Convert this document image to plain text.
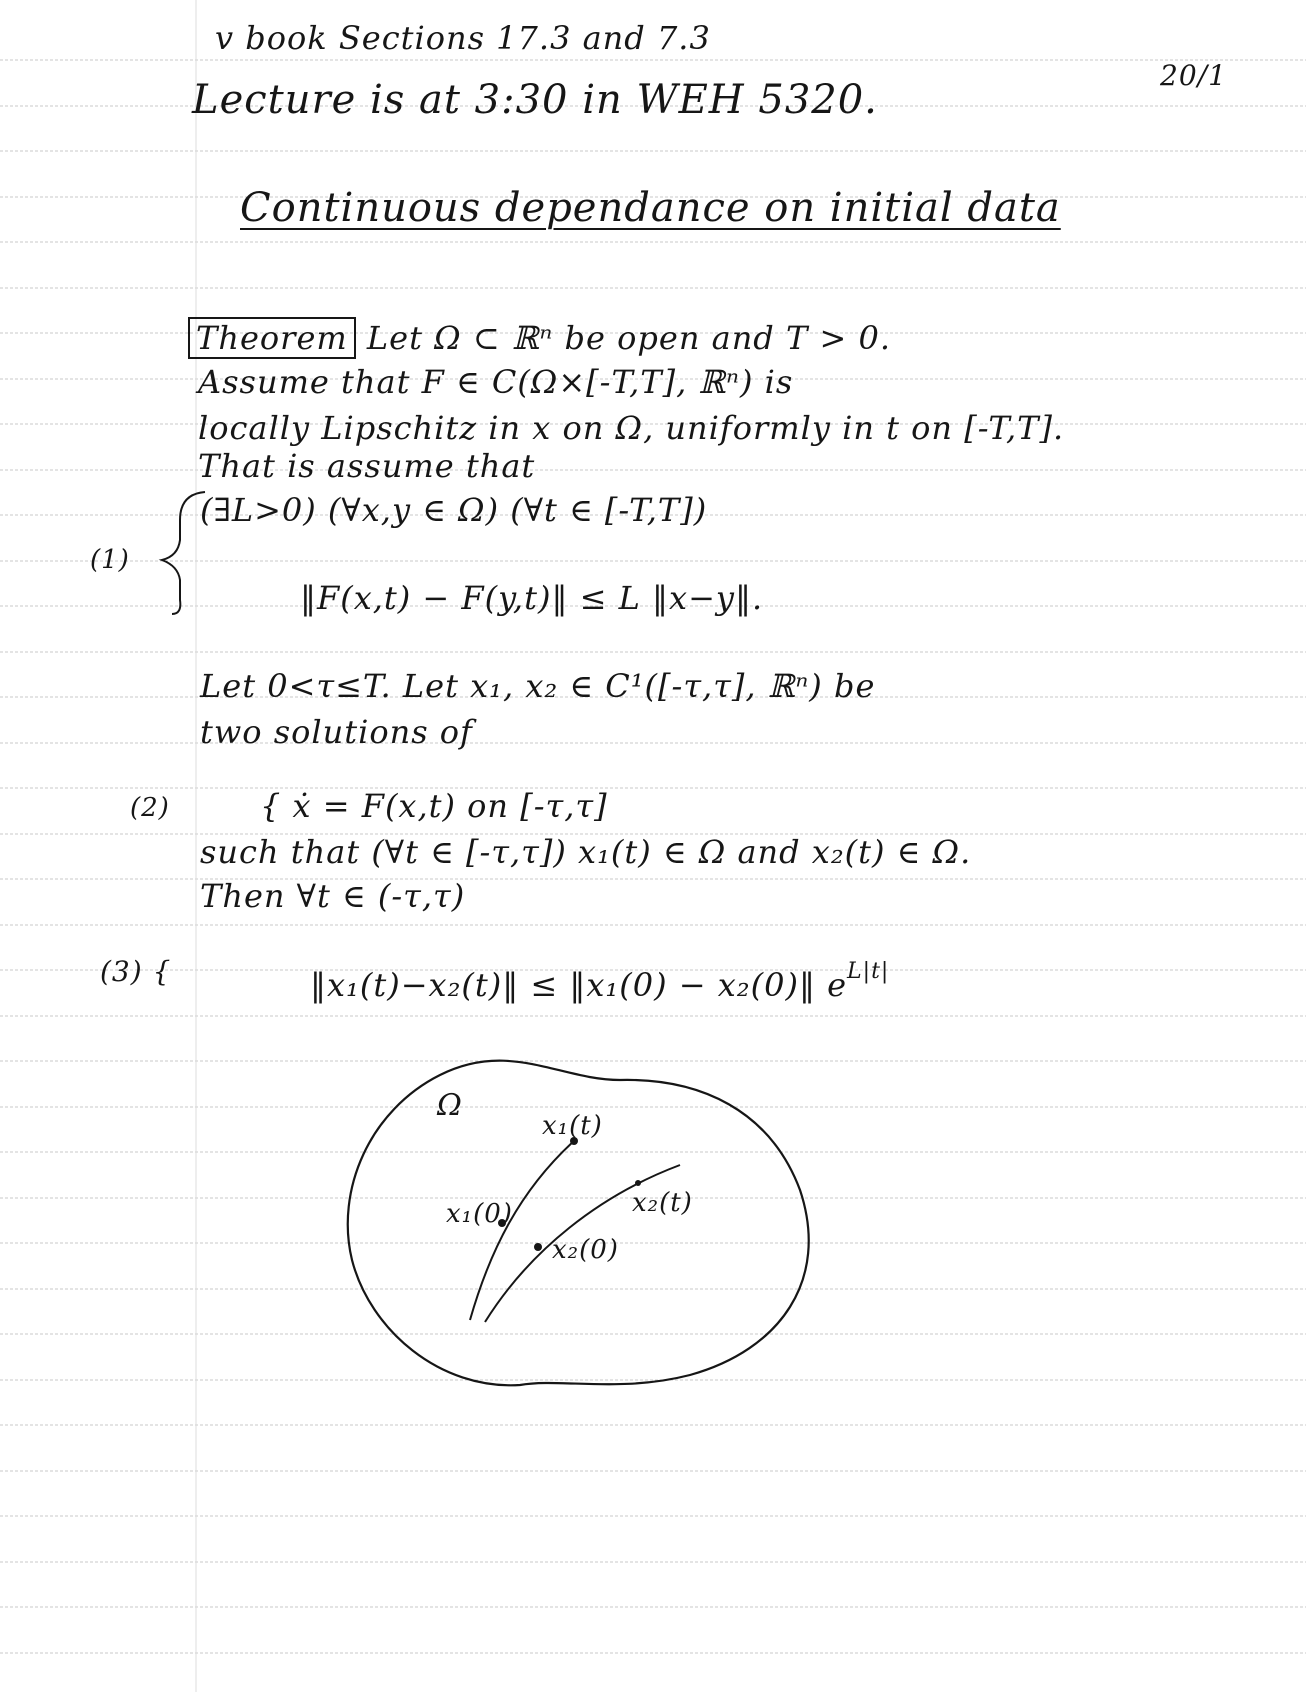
v book Sections 17.3 and 7.3
Lecture is at 3:30 in WEH 5320.
20/1
Continuous dependance on initial data
Theorem Let Ω ⊂ ℝⁿ be open and T > 0.
Assume that F ∈ C(Ω×[-T,T], ℝⁿ) is
locally Lipschitz in x on Ω, uniformly in t on [-T,T].
That is assume that
(1)
(∃L>0) (∀x,y ∈ Ω) (∀t ∈ [-T,T])
‖F(x,t) − F(y,t)‖ ≤ L ‖x−y‖.
Let 0<τ≤T. Let x₁, x₂ ∈ C¹([-τ,τ], ℝⁿ) be
two solutions of
(2)	{ ẋ = F(x,t) on [-τ,τ]
such that (∀t ∈ [-τ,τ]) x₁(t) ∈ Ω and x₂(t) ∈ Ω.
Then ∀t ∈ (-τ,τ)
(3) {	‖x₁(t)−x₂(t)‖ ≤ ‖x₁(0) − x₂(0)‖ $e^{L|t|}$
Ω
x₁(t)
x₁(0)	x₂(t)
x₂(0)
